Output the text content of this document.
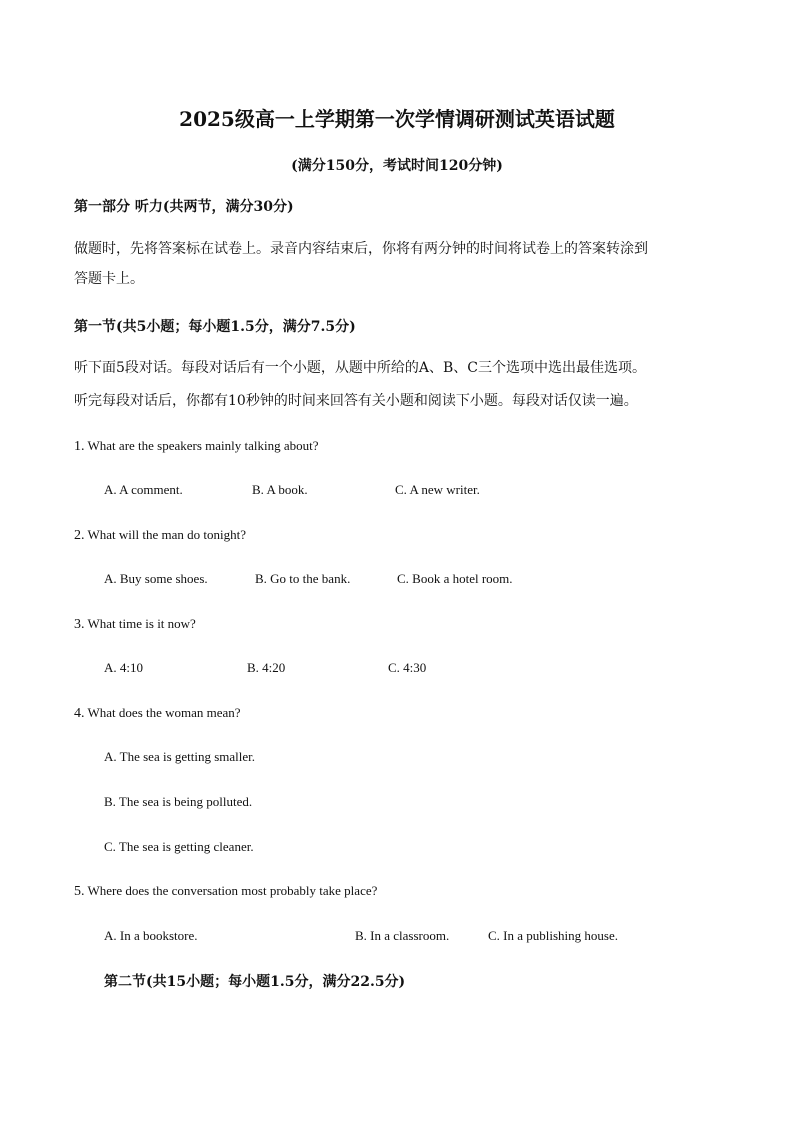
2025级高一上学期第一次学情调研测试英语试题
(满分150分，考试时间120分钟)
第一部分 听力(共两节，满分30分)
做题时，先将答案标在试卷上。录音内容结束后，你将有两分钟的时间将试卷上的答案转涂到
答题卡上。
第一节(共5小题；每小题1.5分，满分7.5分)
听下面5段对话。每段对话后有一个小题，从题中所给的A、B、C三个选项中选出最佳选项。
听完每段对话后，你都有10秒钟的时间来回答有关小题和阅读下小题。每段对话仅读一遍。
1. What are the speakers mainly talking about?
A. A comment.	B. A book.	C. A new writer.
2. What will the man do tonight?
A. Buy some shoes.	B. Go to the bank.	C. Book a hotel room.
3. What time is it now?
A. 4:10	B. 4:20	C. 4:30
4. What does the woman mean?
A. The sea is getting smaller.
B. The sea is being polluted.
C. The sea is getting cleaner.
5. Where does the conversation most probably take place?
A. In a bookstore.	B. In a classroom.	C. In a publishing house.
第二节(共15小题；每小题1.5分，满分22.5分)
